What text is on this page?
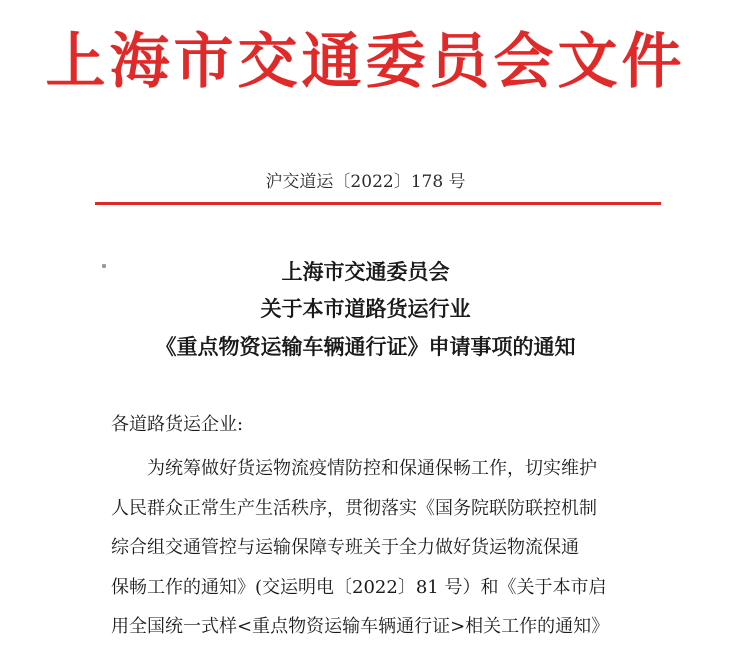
上海市交通委员会文件
沪交道运〔2022〕178 号
上海市交通委员会
关于本市道路货运行业
《重点物资运输车辆通行证》申请事项的通知
各道路货运企业:
为统筹做好货运物流疫情防控和保通保畅工作，切实维护
人民群众正常生产生活秩序，贯彻落实《国务院联防联控机制
综合组交通管控与运输保障专班关于全力做好货运物流保通
保畅工作的通知》(交运明电〔2022〕81 号）和《关于本市启
用全国统一式样<重点物资运输车辆通行证>相关工作的通知》
